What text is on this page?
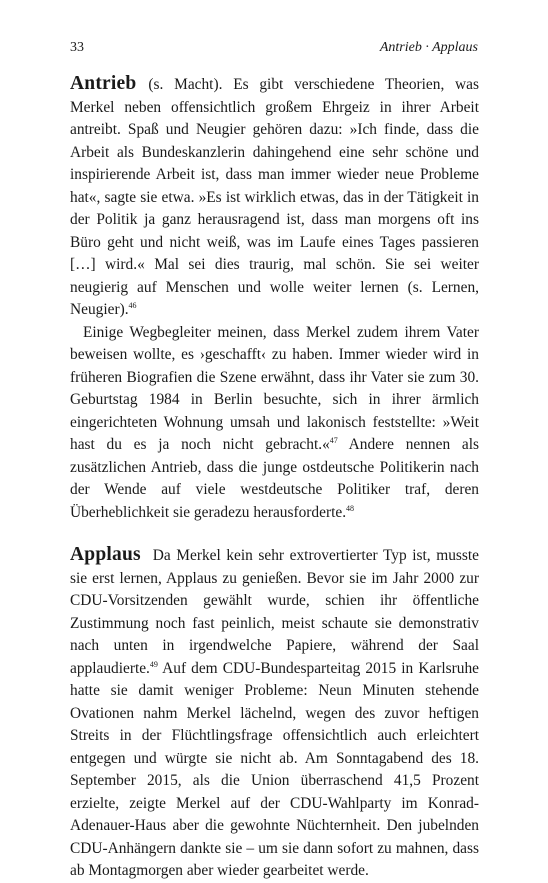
33	Antrieb · Applaus

Antrieb (s. Macht). Es gibt verschiedene Theorien, was Merkel neben offensichtlich großem Ehrgeiz in ihrer Arbeit antreibt. Spaß und Neugier gehören dazu: »Ich finde, dass die Arbeit als Bundeskanzlerin dahingehend eine sehr schöne und inspirierende Arbeit ist, dass man immer wieder neue Probleme hat«, sagte sie etwa. »Es ist wirklich etwas, das in der Tätigkeit in der Politik ja ganz herausragend ist, dass man morgens oft ins Büro geht und nicht weiß, was im Laufe eines Tages passieren […] wird.« Mal sei dies traurig, mal schön. Sie sei weiter neugierig auf Menschen und wolle weiter lernen (s. Lernen, Neugier).$^{46}$

Einige Wegbegleiter meinen, dass Merkel zudem ihrem Vater beweisen wollte, es ›geschafft‹ zu haben. Immer wieder wird in früheren Biografien die Szene erwähnt, dass ihr Vater sie zum 30. Geburtstag 1984 in Berlin besuchte, sich in ihrer ärmlich eingerichteten Wohnung umsah und lakonisch feststellte: »Weit hast du es ja noch nicht gebracht.«$^{47}$ Andere nennen als zusätzlichen Antrieb, dass die junge ostdeutsche Politikerin nach der Wende auf viele westdeutsche Politiker traf, deren Überheblichkeit sie geradezu herausforderte.$^{48}$

Applaus Da Merkel kein sehr extrovertierter Typ ist, musste sie erst lernen, Applaus zu genießen. Bevor sie im Jahr 2000 zur CDU-Vorsitzenden gewählt wurde, schien ihr öffentliche Zustimmung noch fast peinlich, meist schaute sie demonstrativ nach unten in irgendwelche Papiere, während der Saal applaudierte.$^{49}$ Auf dem CDU-Bundesparteitag 2015 in Karlsruhe hatte sie damit weniger Probleme: Neun Minuten stehende Ovationen nahm Merkel lächelnd, wegen des zuvor heftigen Streits in der Flüchtlingsfrage offensichtlich auch erleichtert entgegen und würgte sie nicht ab. Am Sonntagabend des 18. September 2015, als die Union überraschend 41,5 Prozent erzielte, zeigte Merkel auf der CDU-Wahlparty im Konrad-Adenauer-Haus aber die gewohnte Nüchternheit. Den jubelnden CDU-Anhängern dankte sie – um sie dann sofort zu mahnen, dass ab Montagmorgen aber wieder gearbeitet werde.
